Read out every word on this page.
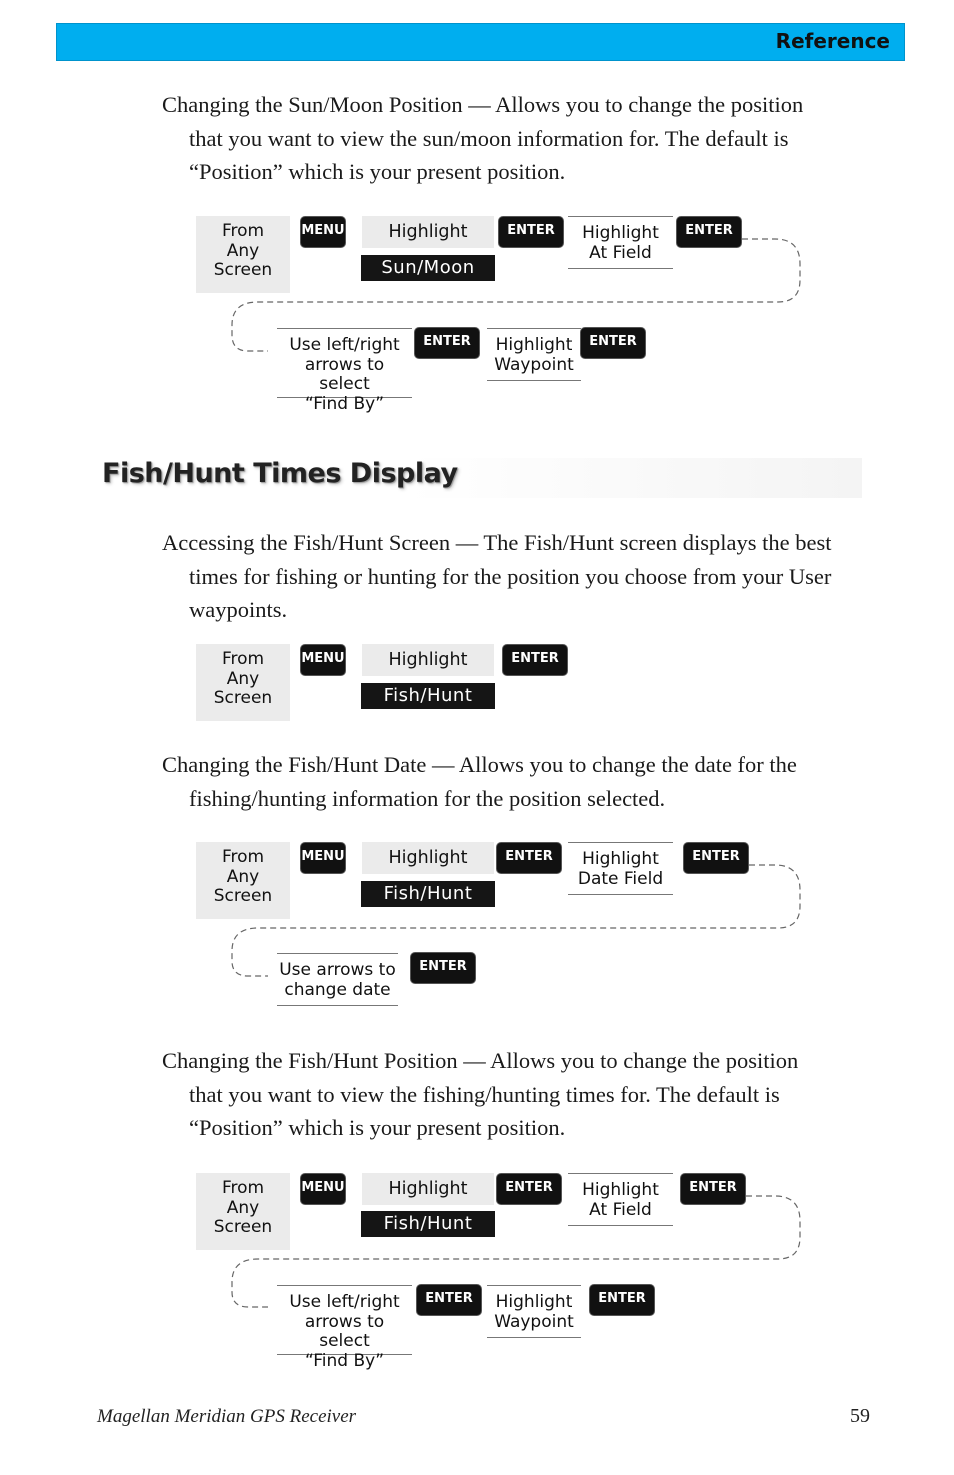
Reference
Changing the Sun/Moon Position — Allows you to change the position
that you want to view the sun/moon information for. The default is
“Position” which is your present position.
From
Any
Screen
MENU	Highlight
Sun/Moon
ENTER	Highlight
At Field
ENTER
Use left/right
arrows to select
“Find By”
ENTER	Highlight
Waypoint
ENTER
Fish/Hunt Times Display
Accessing the Fish/Hunt Screen — The Fish/Hunt screen displays the best
times for fishing or hunting for the position you choose from your User
waypoints.
From
Any
Screen
MENU	Highlight
Fish/Hunt
ENTER
Changing the Fish/Hunt Date — Allows you to change the date for the
fishing/hunting information for the position selected.
From
Any
Screen
MENU	Highlight
Fish/Hunt
ENTER	Highlight
Date Field
ENTER
Use arrows to
change date
ENTER
Changing the Fish/Hunt Position — Allows you to change the position
that you want to view the fishing/hunting times for. The default is
“Position” which is your present position.
From
Any
Screen
MENU	Highlight
Fish/Hunt
ENTER	Highlight
At Field
ENTER
Use left/right
arrows to select
“Find By”
ENTER	Highlight
Waypoint
ENTER
Magellan Meridian GPS Receiver	59
